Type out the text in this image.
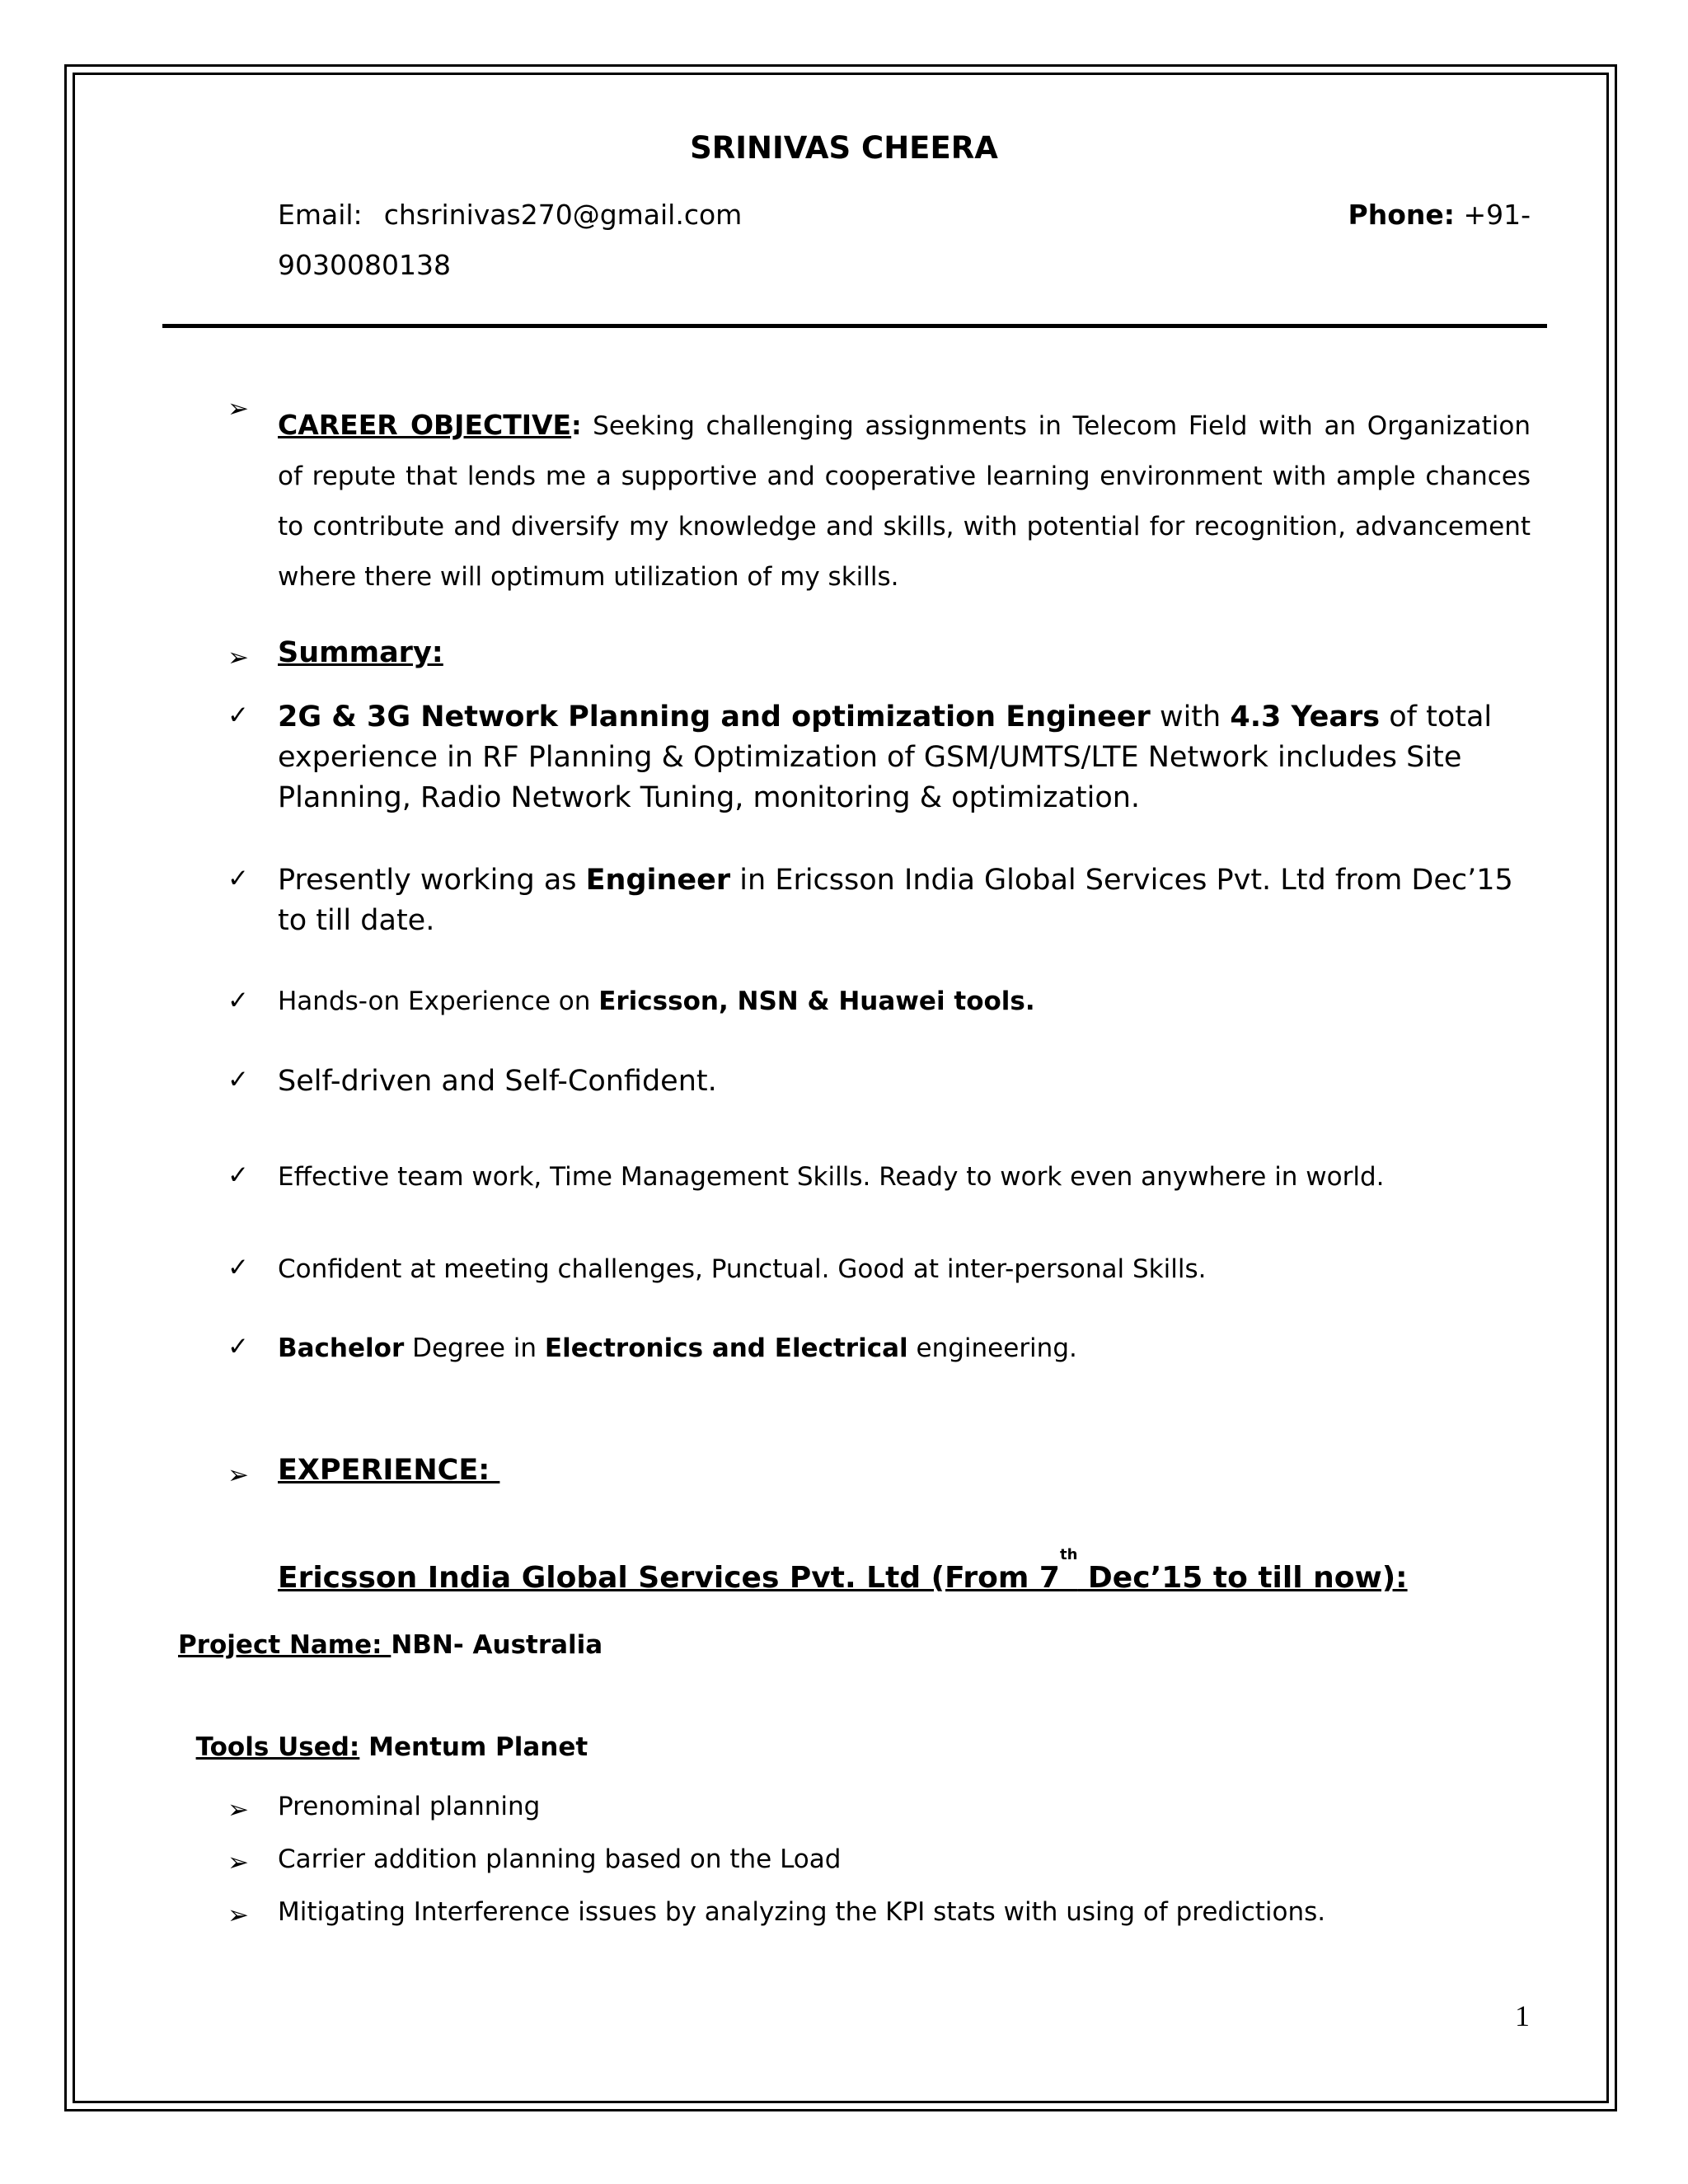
SRINIVAS CHEERA
Email: chsrinivas270@gmail.com	Phone: +91-
9030080138
➢ CAREER OBJECTIVE: Seeking challenging assignments in Telecom Field with an Organization of repute that lends me a supportive and cooperative learning environment with ample chances to contribute and diversify my knowledge and skills, with potential for recognition, advancement where there will optimum utilization of my skills.
➢ Summary:
✓ 2G & 3G Network Planning and optimization Engineer with 4.3 Years of total experience in RF Planning & Optimization of GSM/UMTS/LTE Network includes Site Planning, Radio Network Tuning, monitoring & optimization.
✓ Presently working as Engineer in Ericsson India Global Services Pvt. Ltd from Dec’15 to till date.
✓ Hands-on Experience on Ericsson, NSN & Huawei tools.
✓ Self-driven and Self-Confident.
✓ Effective team work, Time Management Skills. Ready to work even anywhere in world.
✓ Confident at meeting challenges, Punctual. Good at inter-personal Skills.
✓ Bachelor Degree in Electronics and Electrical engineering.
➢ EXPERIENCE:
Ericsson India Global Services Pvt. Ltd (From 7th Dec’15 to till now):
Project Name: NBN- Australia

Tools Used: Mentum Planet

➢ Prenominal planning
➢ Carrier addition planning based on the Load
➢ Mitigating Interference issues by analyzing the KPI stats with using of predictions.
1
